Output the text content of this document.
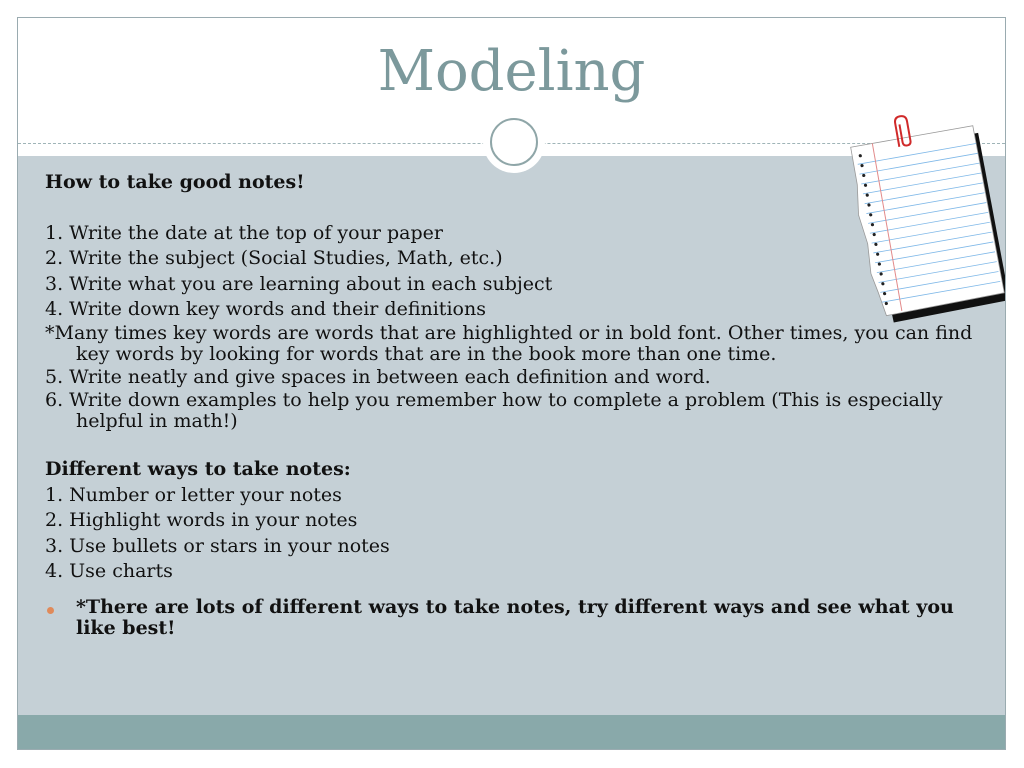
Modeling

How to take good notes!

1. Write the date at the top of your paper

2. Write the subject (Social Studies, Math, etc.)

3. Write what you are learning about in each subject

4. Write down key words and their definitions

*Many times key words are words that are highlighted or in bold font. Other times, you can find key words by looking for words that are in the book more than one time.

5. Write neatly and give spaces in between each definition and word.

6. Write down examples to help you remember how to complete a problem (This is especially helpful in math!)

Different ways to take notes:

1. Number or letter your notes

2. Highlight words in your notes

3. Use bullets or stars in your notes

4. Use charts

*There are lots of different ways to take notes, try different ways and see what you like best!
